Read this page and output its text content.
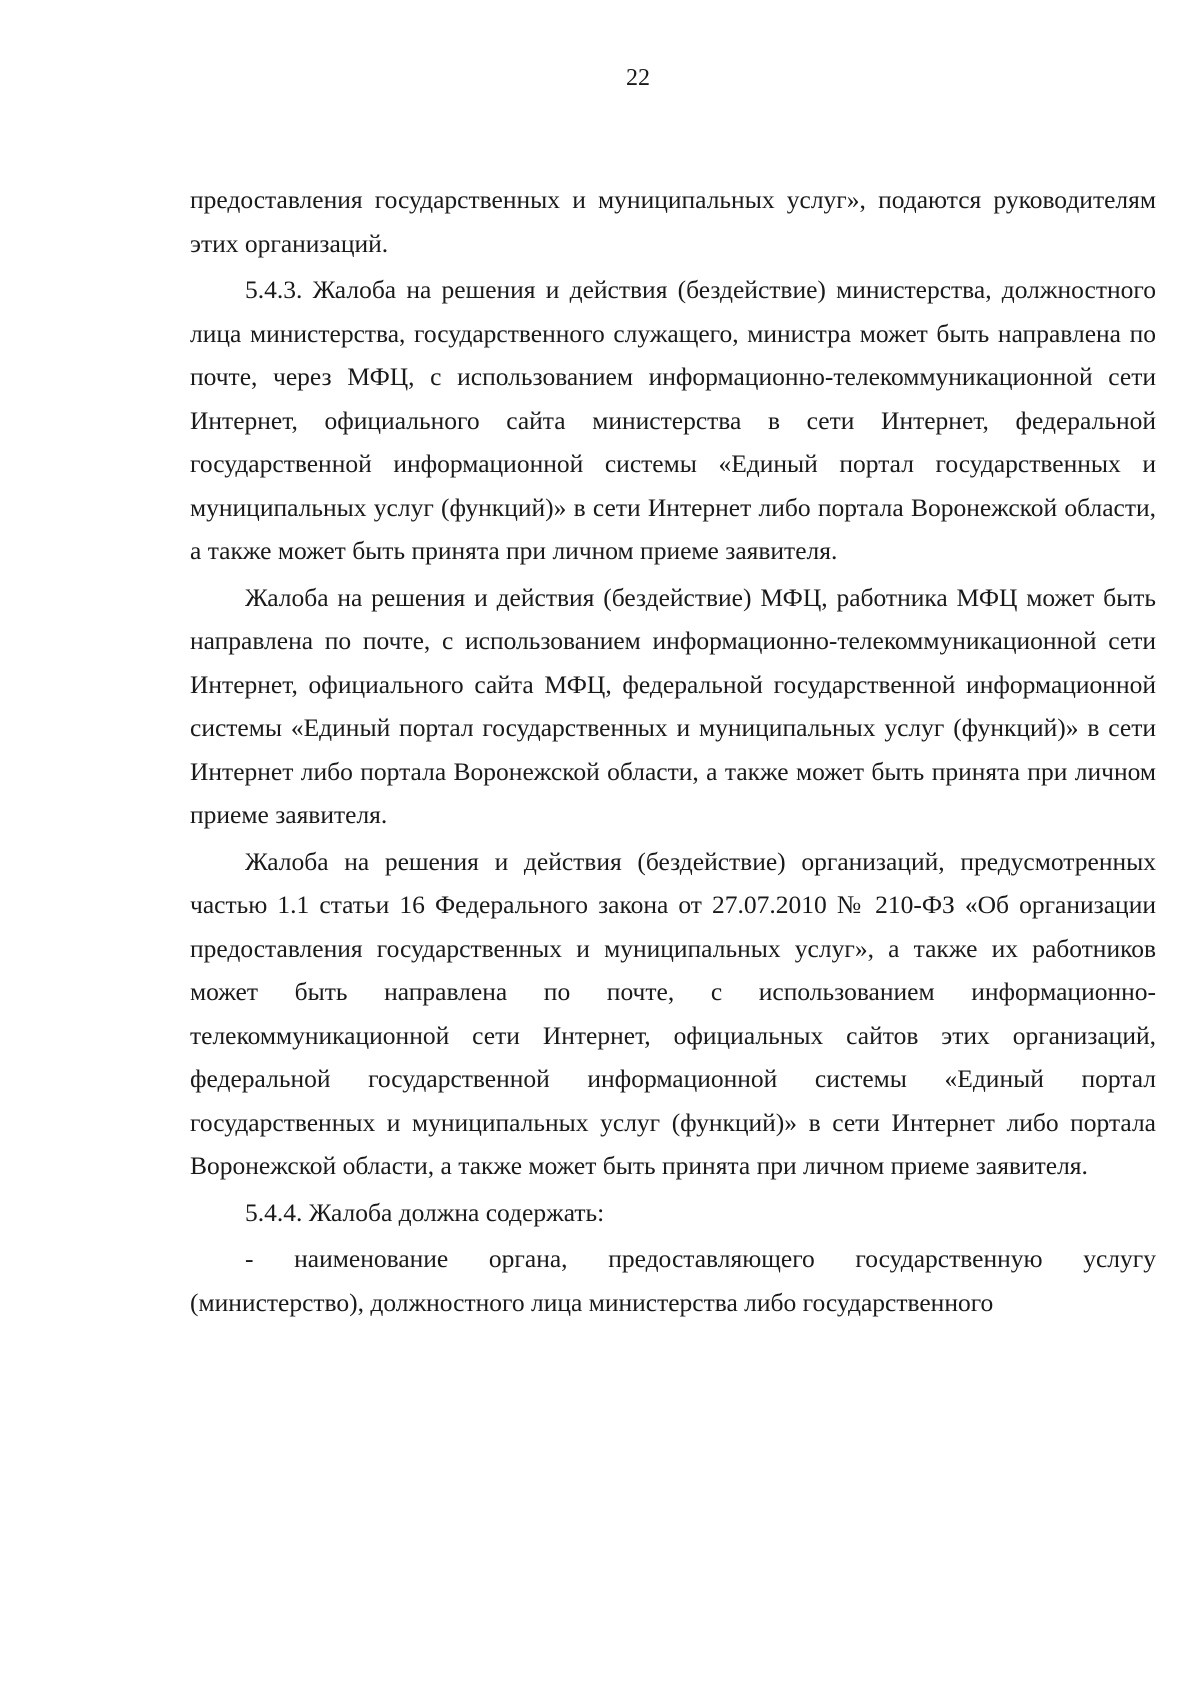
22

предоставления государственных и муниципальных услуг», подаются руководителям этих организаций.

5.4.3. Жалоба на решения и действия (бездействие) министерства, должностного лица министерства, государственного служащего, министра может быть направлена по почте, через МФЦ, с использованием информационно-телекоммуникационной сети Интернет, официального сайта министерства в сети Интернет, федеральной государственной информационной системы «Единый портал государственных и муниципальных услуг (функций)» в сети Интернет либо портала Воронежской области, а также может быть принята при личном приеме заявителя.

Жалоба на решения и действия (бездействие) МФЦ, работника МФЦ может быть направлена по почте, с использованием информационно-телекоммуникационной сети Интернет, официального сайта МФЦ, федеральной государственной информационной системы «Единый портал государственных и муниципальных услуг (функций)» в сети Интернет либо портала Воронежской области, а также может быть принята при личном приеме заявителя.

Жалоба на решения и действия (бездействие) организаций, предусмотренных частью 1.1 статьи 16 Федерального закона от 27.07.2010 № 210-ФЗ «Об организации предоставления государственных и муниципальных услуг», а также их работников может быть направлена по почте, с использованием информационно-телекоммуникационной сети Интернет, официальных сайтов этих организаций, федеральной государственной информационной системы «Единый портал государственных и муниципальных услуг (функций)» в сети Интернет либо портала Воронежской области, а также может быть принята при личном приеме заявителя.

5.4.4. Жалоба должна содержать:

- наименование органа, предоставляющего государственную услугу (министерство), должностного лица министерства либо государственного
